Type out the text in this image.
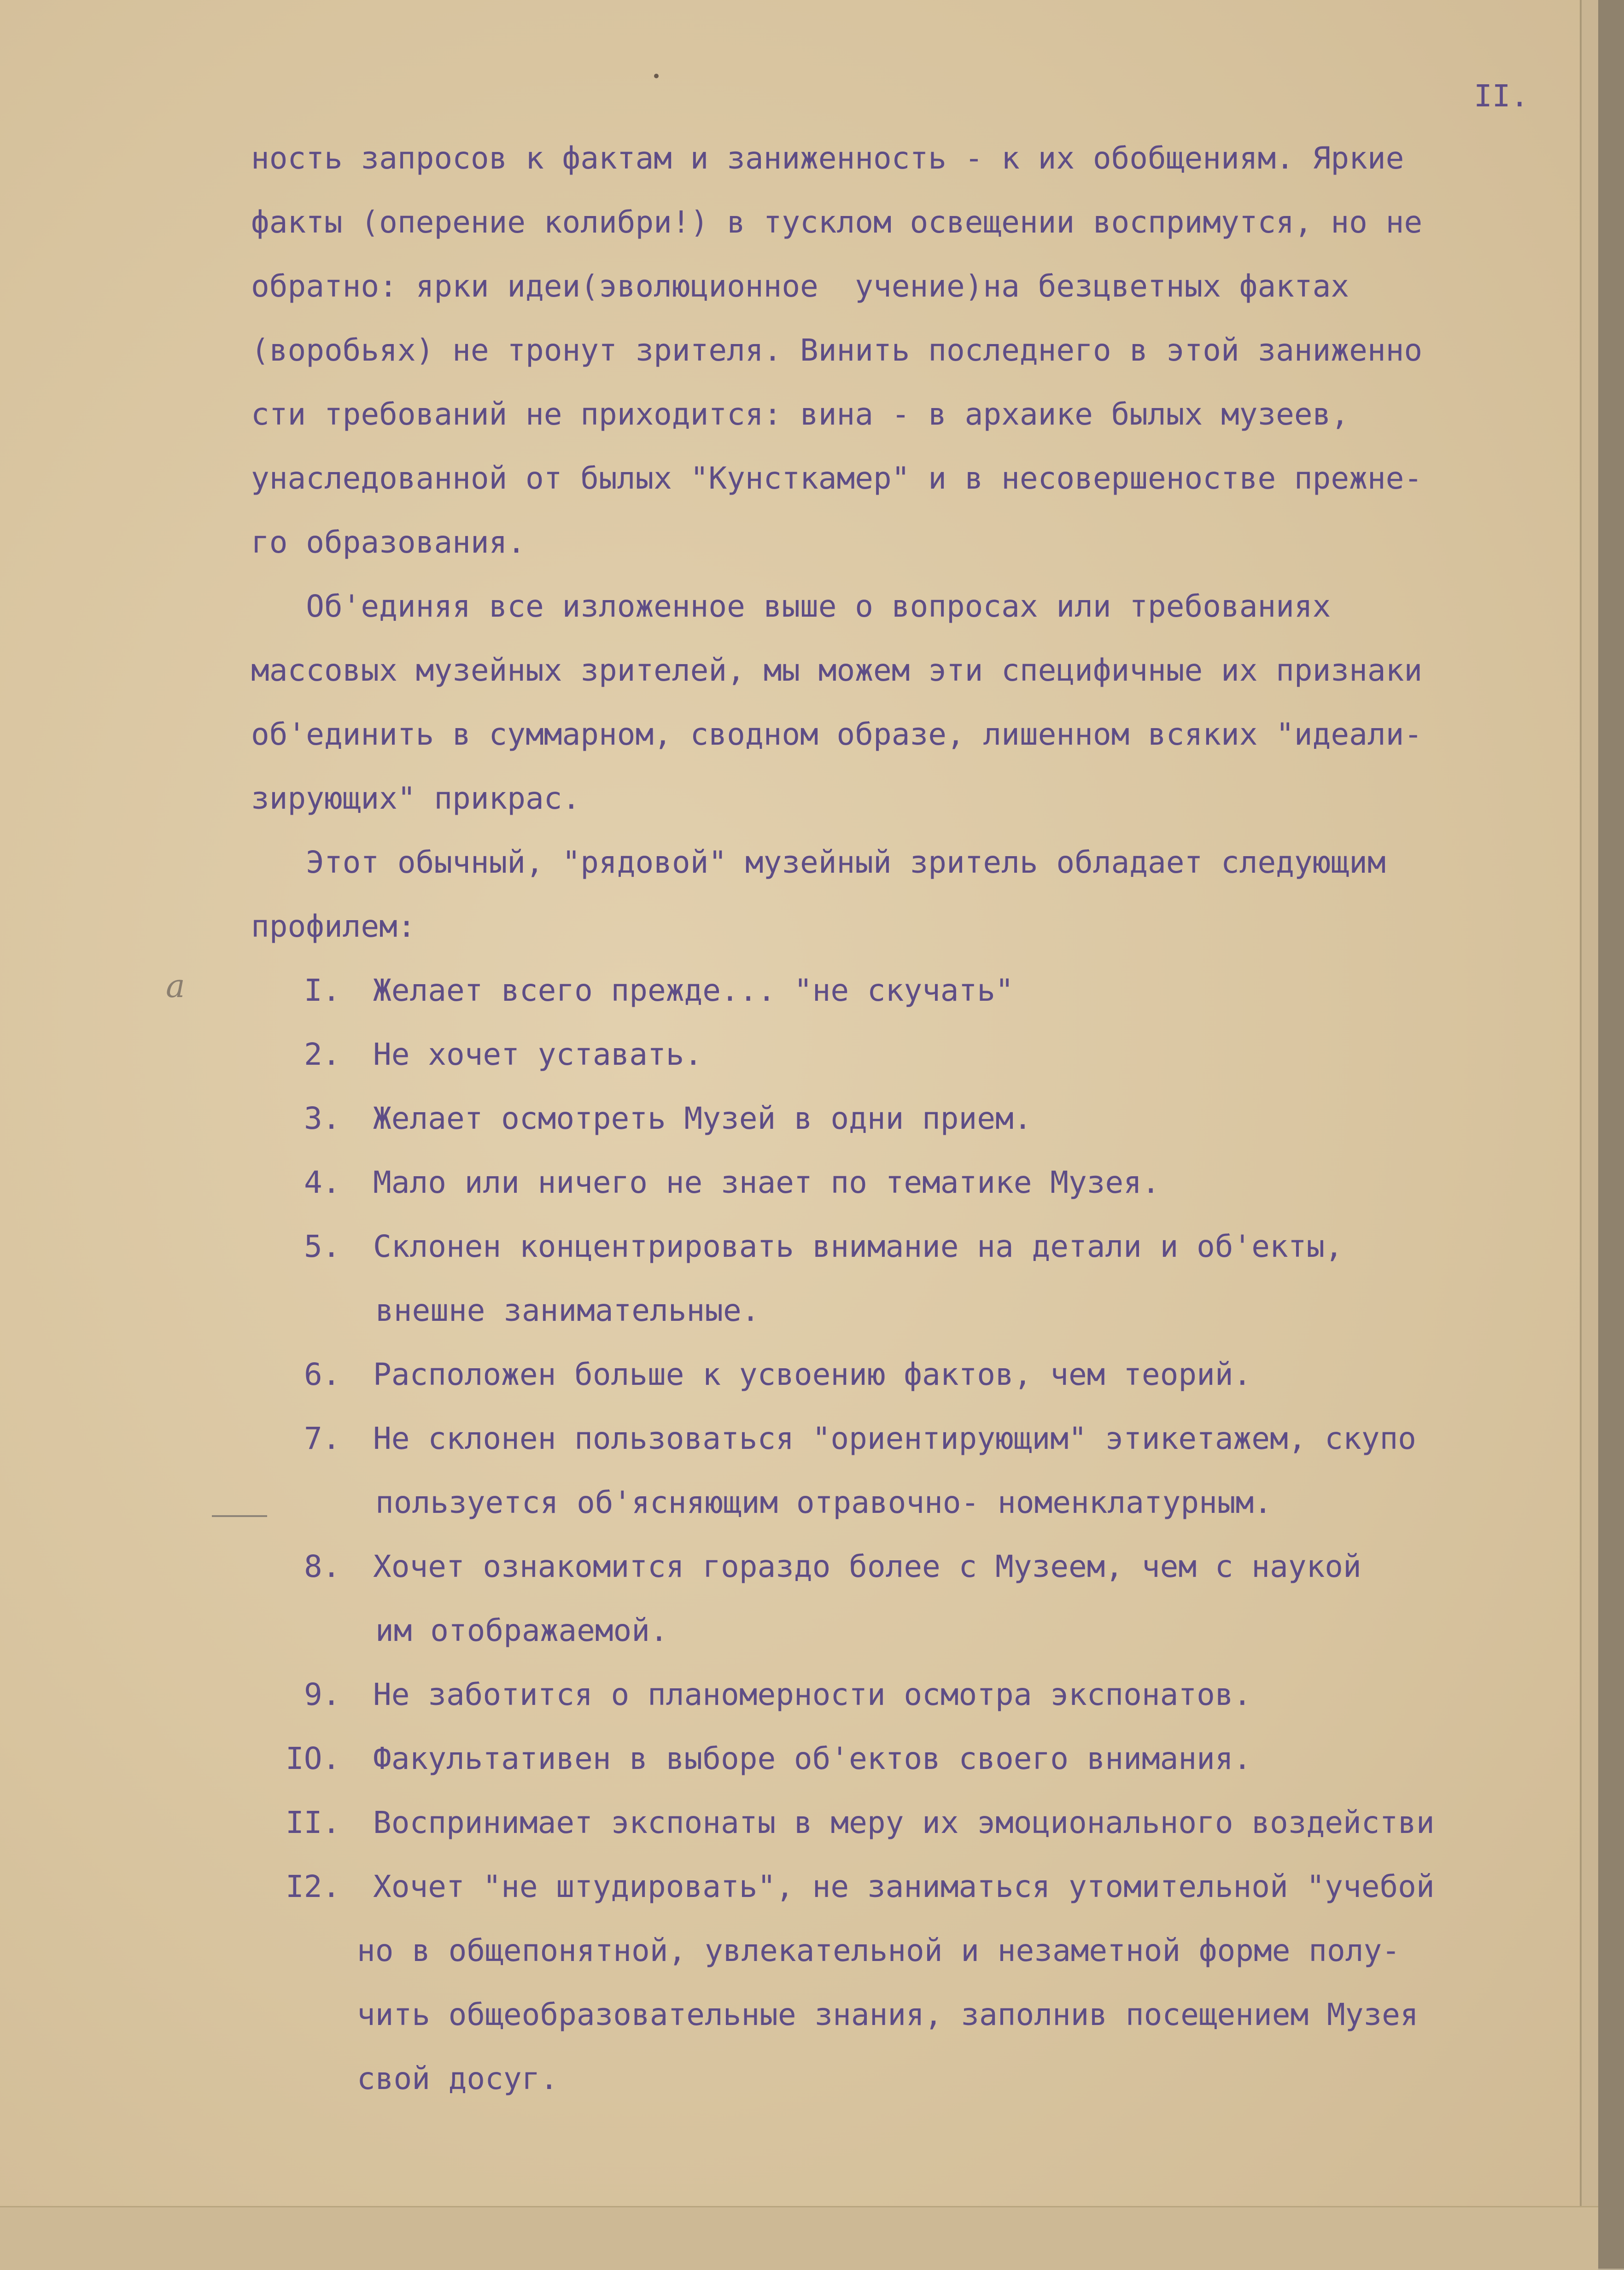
II.
ность запросов к фактам и заниженность - к их обобщениям. Яркие
факты (оперение колибри!) в тусклом освещении воспримутся, но не
обратно: ярки идеи(эволюционное  учение)на безцветных фактах
(воробьях) не тронут зрителя. Винить последнего в этой заниженно
сти требований не приходится: вина - в архаике былых музеев,
унаследованной от былых "Кунсткамер" и в несовершеностве прежне-
го образования.
Об'единяя все изложенное выше о вопросах или требованиях
массовых музейных зрителей, мы можем эти специфичные их признаки
об'единить в суммарном, сводном образе, лишенном всяких "идеали-
зирующих" прикрас.
Этот обычный, "рядовой" музейный зритель обладает следующим
профилем:
I. Желает всего прежде... "не скучать"
2. Не хочет уставать.
3. Желает осмотреть Музей в одни прием.
4. Мало или ничего не знает по тематике Музея.
5. Склонен концентрировать внимание на детали и об'екты,
внешне занимательные.
6. Расположен больше к усвоению фактов, чем теорий.
7. Не склонен пользоваться "ориентирующим" этикетажем, скупо
пользуется об'ясняющим отравочно- номенклатурным.
8. Хочет ознакомится гораздо более с Музеем, чем с наукой
им отображаемой.
9. Не заботится о планомерности осмотра экспонатов.
IO. Факультативен в выборе об'ектов своего внимания.
II. Воспринимает экспонаты в меру их эмоционального воздействи
I2. Хочет "не штудировать", не заниматься утомительной "учебой
но в общепонятной, увлекательной и незаметной форме полу-
чить общеобразовательные знания, заполнив посещением Музея
свой досуг.
a
